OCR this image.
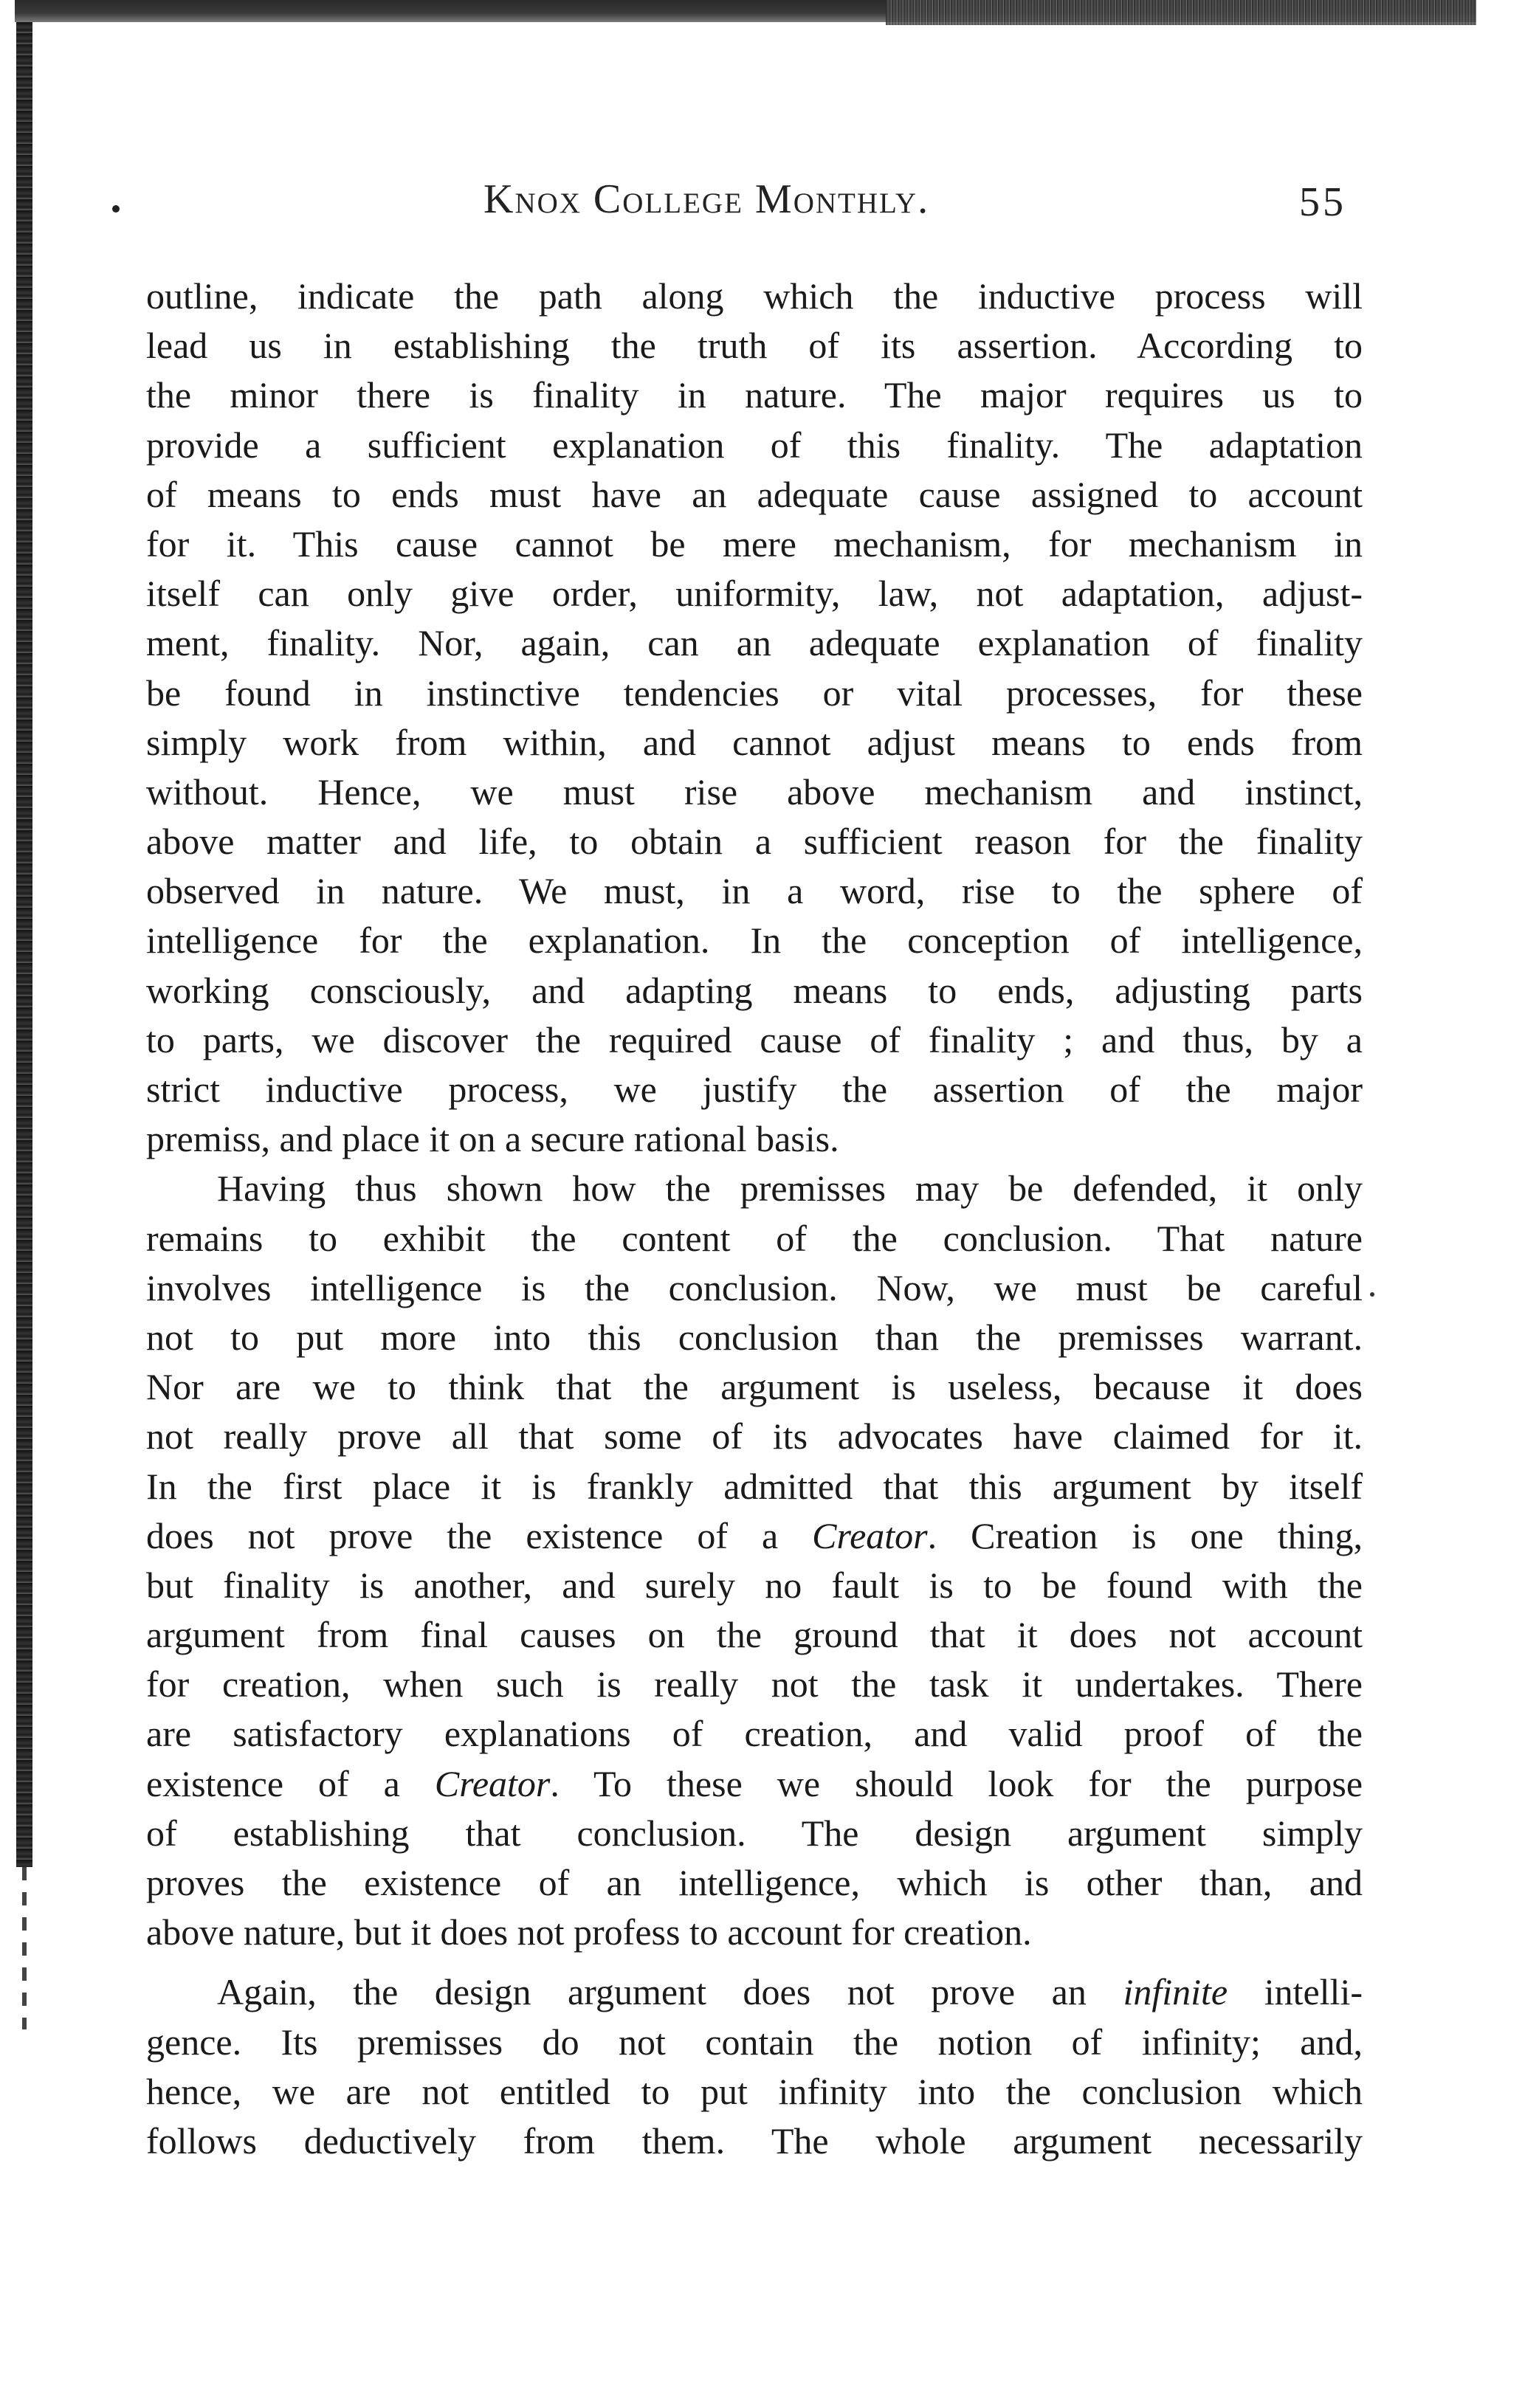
Knox College Monthly.	55
outline, indicate the path along which the inductive process will
lead us in establishing the truth of its assertion. According to
the minor there is finality in nature. The major requires us to
provide a sufficient explanation of this finality. The adaptation
of means to ends must have an adequate cause assigned to account
for it. This cause cannot be mere mechanism, for mechanism in
itself can only give order, uniformity, law, not adaptation, adjust-
ment, finality. Nor, again, can an adequate explanation of finality
be found in instinctive tendencies or vital processes, for these
simply work from within, and cannot adjust means to ends from
without. Hence, we must rise above mechanism and instinct,
above matter and life, to obtain a sufficient reason for the finality
observed in nature. We must, in a word, rise to the sphere of
intelligence for the explanation. In the conception of intelligence,
working consciously, and adapting means to ends, adjusting parts
to parts, we discover the required cause of finality ; and thus, by a
strict inductive process, we justify the assertion of the major
premiss, and place it on a secure rational basis.
Having thus shown how the premisses may be defended, it only
remains to exhibit the content of the conclusion. That nature
involves intelligence is the conclusion. Now, we must be careful
not to put more into this conclusion than the premisses warrant.
Nor are we to think that the argument is useless, because it does
not really prove all that some of its advocates have claimed for it.
In the first place it is frankly admitted that this argument by itself
does not prove the existence of a Creator. Creation is one thing,
but finality is another, and surely no fault is to be found with the
argument from final causes on the ground that it does not account
for creation, when such is really not the task it undertakes. There
are satisfactory explanations of creation, and valid proof of the
existence of a Creator. To these we should look for the purpose
of establishing that conclusion. The design argument simply
proves the existence of an intelligence, which is other than, and
above nature, but it does not profess to account for creation.
Again, the design argument does not prove an infinite intelli-
gence. Its premisses do not contain the notion of infinity; and,
hence, we are not entitled to put infinity into the conclusion which
follows deductively from them. The whole argument necessarily
